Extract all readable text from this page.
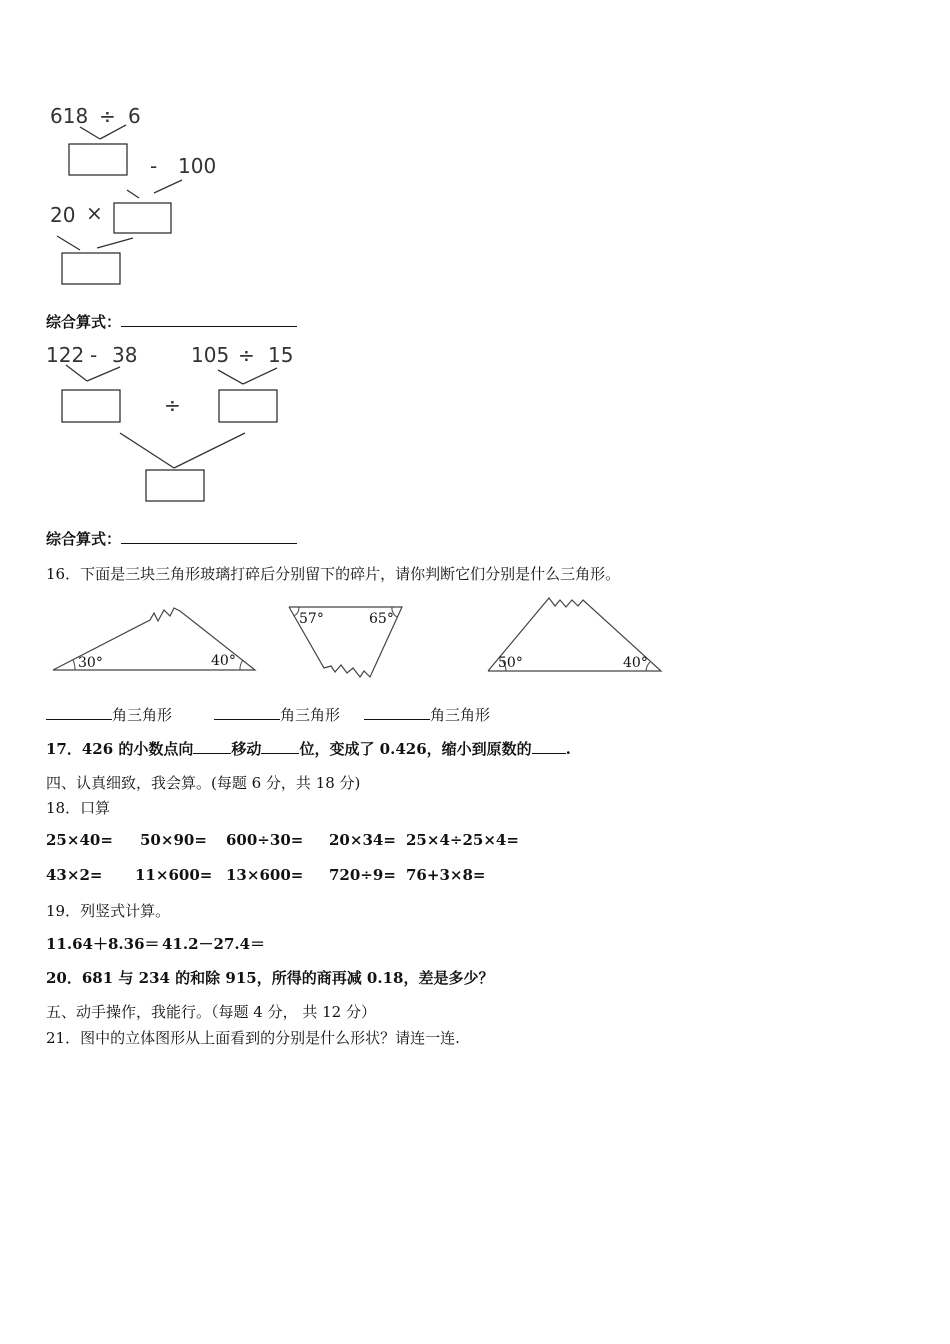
618 ÷ 6
- 100
20 ×
综合算式：
122 - 38	105 ÷ 15
÷
综合算式：
16．下面是三块三角形玻璃打碎后分别留下的碎片，请你判断它们分别是什么三角形。
30°	40°
57°	65°
50°	40°
角三角形	角三角形	角三角形
17．426 的小数点向	移动	位，变成了 0.426，缩小到原数的 .
四、认真细致，我会算。(每题 6 分，共 18 分)
18．口算
25×40= 50×90= 600÷30= 20×34= 25×4÷25×4=
43×2= 11×600= 13×600= 720÷9= 76+3×8=
19．列竖式计算。
11.64＋8.36＝ 41.2－27.4＝
20．681 与 234 的和除 915，所得的商再减 0.18，差是多少？
五、动手操作，我能行。（每题 4 分， 共 12 分）
21．图中的立体图形从上面看到的分别是什么形状？请连一连.
